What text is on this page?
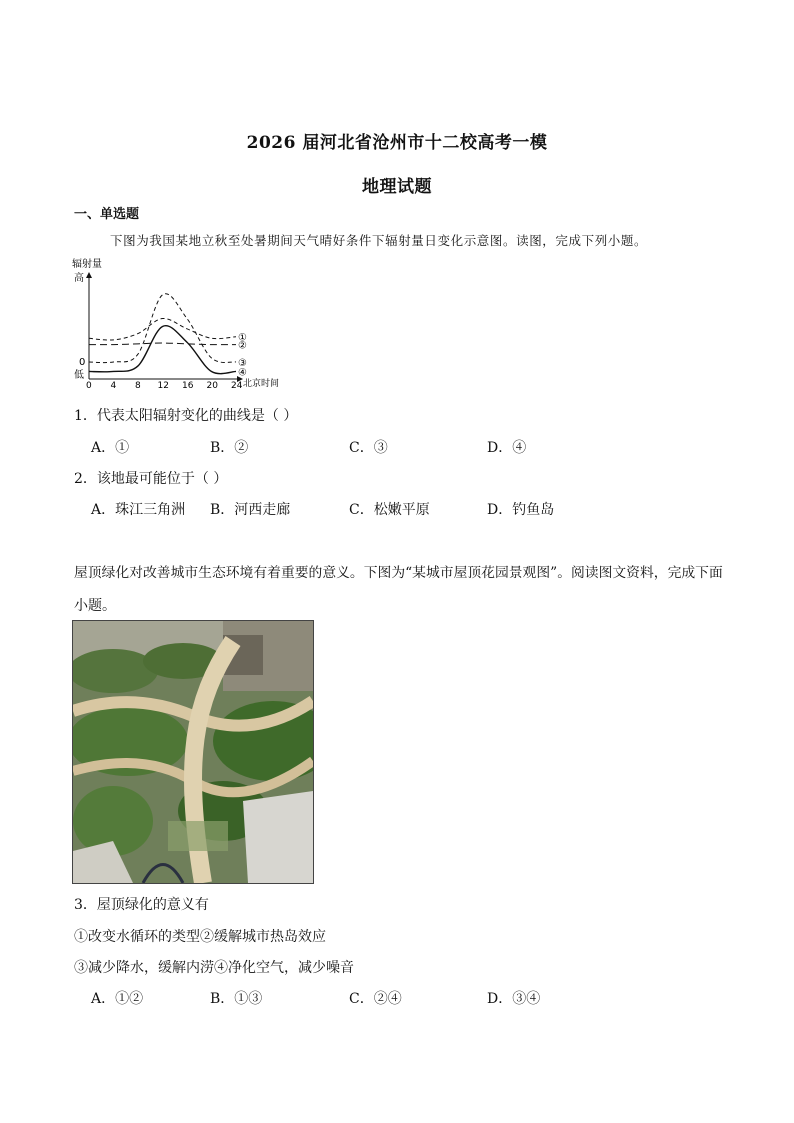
2026 届河北省沧州市十二校高考一模
地理试题
一、单选题
下图为我国某地立秋至处暑期间天气晴好条件下辐射量日变化示意图。读图，完成下列小题。
辐射量
高
0
低
0 4 8 12 16 20 24 北京时间
①
②
③
④
1．代表太阳辐射变化的曲线是（ ）
A．①	B．②	C．③	D．④
2．该地最可能位于（ ）
A．珠江三角洲 B．河西走廊	C．松嫩平原	D．钓鱼岛
屋顶绿化对改善城市生态环境有着重要的意义。下图为“某城市屋顶花园景观图”。阅读图文资料，完成下面
小题。
3．屋顶绿化的意义有
①改变水循环的类型②缓解城市热岛效应
③减少降水，缓解内涝④净化空气，减少噪音
A．①②	B．①③	C．②④	D．③④
